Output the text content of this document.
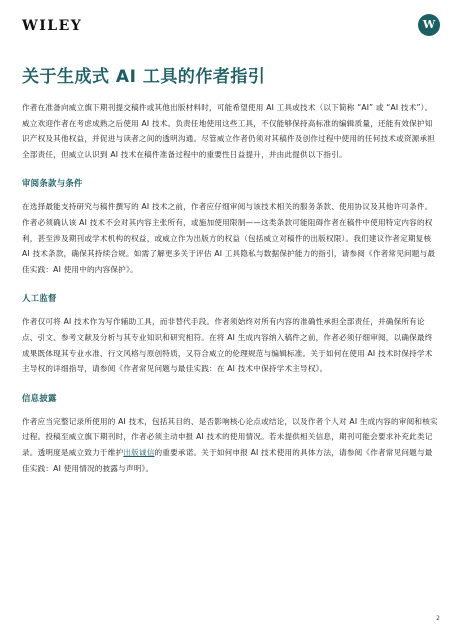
WILEY	W
关于生成式 AI 工具的作者指引

作者在准备向威立旗下期刊提交稿件或其他出版材料时，可能希望使用 AI 工具或技术（以下简称 “AI” 或 “AI 技术”）。威立欢迎作者在考虑成熟之后使用 AI 技术。负责任地使用这些工具，不仅能够保持高标准的编辑质量，还能有效保护知识产权及其他权益，并促进与读者之间的透明沟通。尽管威立作者仍须对其稿件及创作过程中使用的任何技术或资源承担全部责任，但威立认识到 AI 技术在稿件准备过程中的重要性日益提升，并由此提供以下指引。

审阅条款与条件

在选择最能支持研究与稿件撰写的 AI 技术之前，作者应仔细审阅与该技术相关的服务条款、使用协议及其他许可条件。作者必须确认该 AI 技术不会对其内容主张所有，或施加使用限制——这类条款可能阻碍作者在稿件中使用特定内容的权利，甚至涉及期刊或学术机构的权益，或威立作为出版方的权益（包括威立对稿件的出版权限）。我们建议作者定期复核 AI 技术条款，确保其持续合规。如需了解更多关于评估 AI 工具隐私与数据保护能力的指引，请参阅《作者常见问题与最佳实践：AI 使用中的内容保护》。

人工监督

作者仅可将 AI 技术作为写作辅助工具，而非替代手段。作者须始终对所有内容的准确性承担全部责任，并确保所有论点、引文、参考文献及分析与其专业知识和研究相符。在将 AI 生成内容纳入稿件之前，作者必须仔细审阅，以确保最终成果既体现其专业水准、行文风格与原创特质，又符合威立的伦理规范与编辑标准。关于如何在使用 AI 技术时保持学术主导权的详细指导，请参阅《作者常见问题与最佳实践：在 AI 技术中保持学术主导权》。

信息披露

作者应当完整记录所使用的 AI 技术，包括其目的、是否影响核心论点或结论，以及作者个人对 AI 生成内容的审阅和核实过程。投稿至威立旗下期刊时，作者必须主动申报 AI 技术的使用情况。若未提供相关信息，期刊可能会要求补充此类记录。透明度是威立致力于维护出版诚信的重要承诺。关于如何申报 AI 技术使用的具体方法，请参阅《作者常见问题与最佳实践：AI 使用情况的披露与声明》。

2
